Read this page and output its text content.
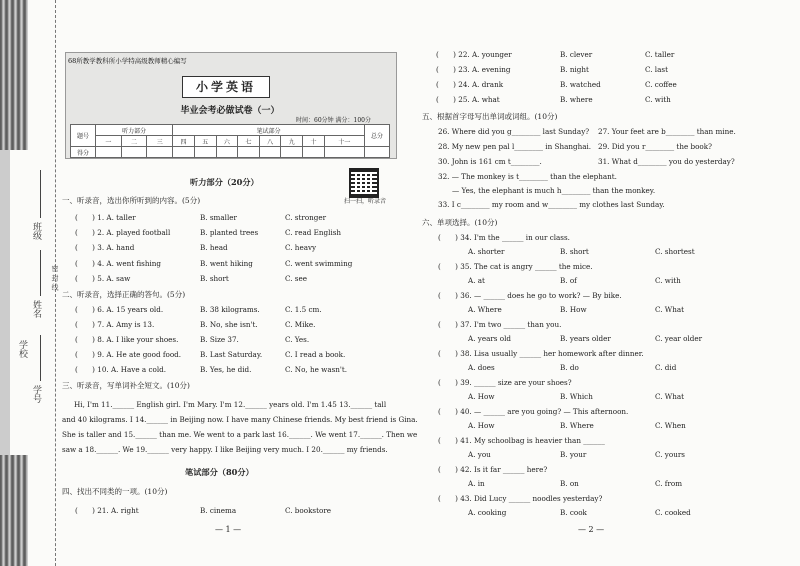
班级
姓名
学号
学校
密 封 线
68所教学教科所小学特高级教师精心编写
小学英语
毕业会考必做试卷（一）
时间：60分钟 满分：100分
题号	听力部分			笔试部分								总分
	一	二	三	四	五	六	七	八	九	十	十一	
得分												
听力部分（20分）
扫一扫，听录音
一、听录音，选出你所听到的内容。(5分)
(　　) 1. A. taller	B. smaller	C. stronger
(　　) 2. A. played football	B. planted trees	C. read English
(　　) 3. A. hand	B. head	C. heavy
(　　) 4. A. went fishing	B. went hiking	C. went swimming
(　　) 5. A. saw	B. short	C. see
二、听录音，选择正确的答句。(5分)
(　　) 6. A. 15 years old.	B. 38 kilograms.	C. 1.5 cm.
(　　) 7. A. Amy is 13.	B. No, she isn't.	C. Mike.
(　　) 8. A. I like your shoes.	B. Size 37.	C. Yes.
(　　) 9. A. He ate good food.	B. Last Saturday.	C. I read a book.
(　　) 10. A. Have a cold.	B. Yes, he did.	C. No, he wasn't.
三、听录音，写单词补全短文。(10分)
Hi, I'm 11.______ English girl. I'm Mary. I'm 12.______ years old. I'm 1.45 13.______ tall
and 40 kilograms. I 14.______ in Beijing now. I have many Chinese friends. My best friend is Gina.
She is taller and 15.______ than me. We went to a park last 16.______. We went 17.______. Then we
saw a 18.______. We 19.______ very happy. I like Beijing very much. I 20.______ my friends.
笔试部分（80分）
四、找出不同类的一项。(10分)
(　　) 21. A. right	B. cinema	C. bookstore
— 1 —
(　　) 22. A. younger	B. clever	C. taller
(　　) 23. A. evening	B. night	C. last
(　　) 24. A. drank	B. watched	C. coffee
(　　) 25. A. what	B. where	C. with
五、根据首字母写出单词或词组。(10分)
26. Where did you g________ last Sunday? 27. Your feet are b________ than mine.
28. My new pen pal l________ in Shanghai. 29. Did you r________ the book?
30. John is 161 cm t________.	31. What d________ you do yesterday?
32. — The monkey is t________ than the elephant.
— Yes, the elephant is much h________ than the monkey.
33. I c________ my room and w________ my clothes last Sunday.
六、单项选择。(10分)
(　　) 34. I'm the ______ in our class.
A. shorter	B. short	C. shortest
(　　) 35. The cat is angry ______ the mice.
A. at	B. of	C. with
(　　) 36. — ______ does he go to work? — By bike.
A. Where	B. How	C. What
(　　) 37. I'm two ______ than you.
A. years old	B. years older	C. year older
(　　) 38. Lisa usually ______ her homework after dinner.
A. does	B. do	C. did
(　　) 39. ______ size are your shoes?
A. How	B. Which	C. What
(　　) 40. — ______ are you going? — This afternoon.
A. How	B. Where	C. When
(　　) 41. My schoolbag is heavier than ______
A. you	B. your	C. yours
(　　) 42. Is it far ______ here?
A. in	B. on	C. from
(　　) 43. Did Lucy ______ noodles yesterday?
A. cooking	B. cook	C. cooked
— 2 —
